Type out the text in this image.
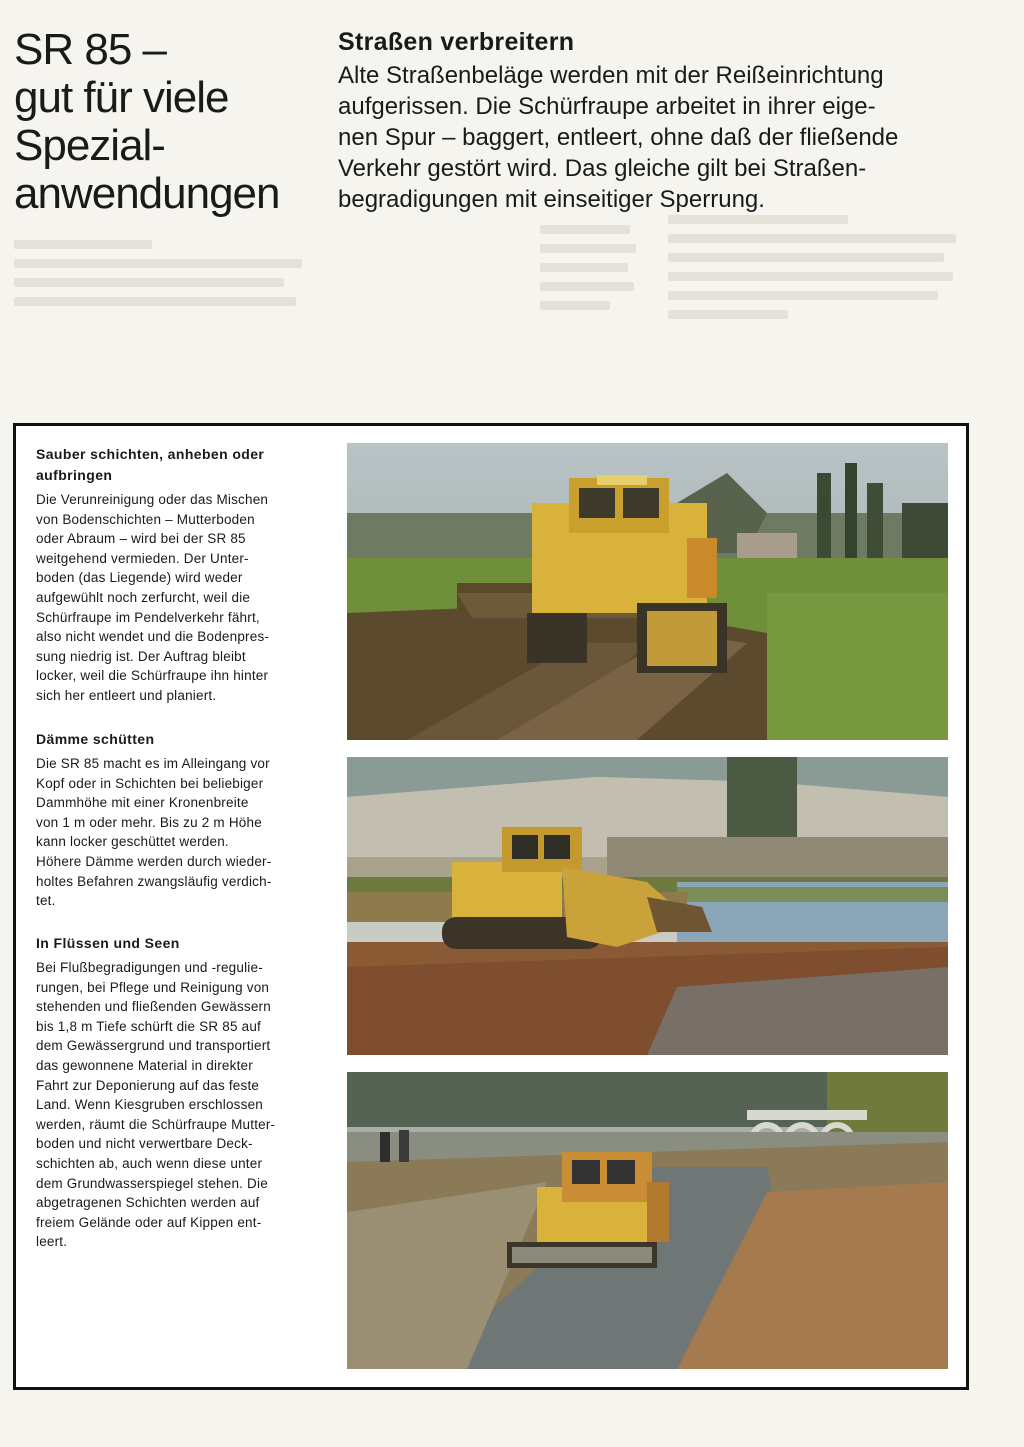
SR 85 –
gut für viele
Spezial-
anwendungen
Straßen verbreitern

Alte Straßenbeläge werden mit der Reißeinrichtung
aufgerissen. Die Schürfraupe arbeitet in ihrer eige-
nen Spur – baggert, entleert, ohne daß der fließende
Verkehr gestört wird. Das gleiche gilt bei Straßen-
begradigungen mit einseitiger Sperrung.

Sauber schichten, anheben oder
aufbringen

Die Verunreinigung oder das Mischen
von Bodenschichten – Mutterboden
oder Abraum – wird bei der SR 85
weitgehend vermieden. Der Unter-
boden (das Liegende) wird weder
aufgewühlt noch zerfurcht, weil die
Schürfraupe im Pendelverkehr fährt,
also nicht wendet und die Bodenpres-
sung niedrig ist. Der Auftrag bleibt
locker, weil die Schürfraupe ihn hinter
sich her entleert und planiert.

Dämme schütten

Die SR 85 macht es im Alleingang vor
Kopf oder in Schichten bei beliebiger
Dammhöhe mit einer Kronenbreite
von 1 m oder mehr. Bis zu 2 m Höhe
kann locker geschüttet werden.
Höhere Dämme werden durch wieder-
holtes Befahren zwangsläufig verdich-
tet.

In Flüssen und Seen

Bei Flußbegradigungen und -regulie-
rungen, bei Pflege und Reinigung von
stehenden und fließenden Gewässern
bis 1,8 m Tiefe schürft die SR 85 auf
dem Gewässergrund und transportiert
das gewonnene Material in direkter
Fahrt zur Deponierung auf das feste
Land. Wenn Kiesgruben erschlossen
werden, räumt die Schürfraupe Mutter-
boden und nicht verwertbare Deck-
schichten ab, auch wenn diese unter
dem Grundwasserspiegel stehen. Die
abgetragenen Schichten werden auf
freiem Gelände oder auf Kippen ent-
leert.
